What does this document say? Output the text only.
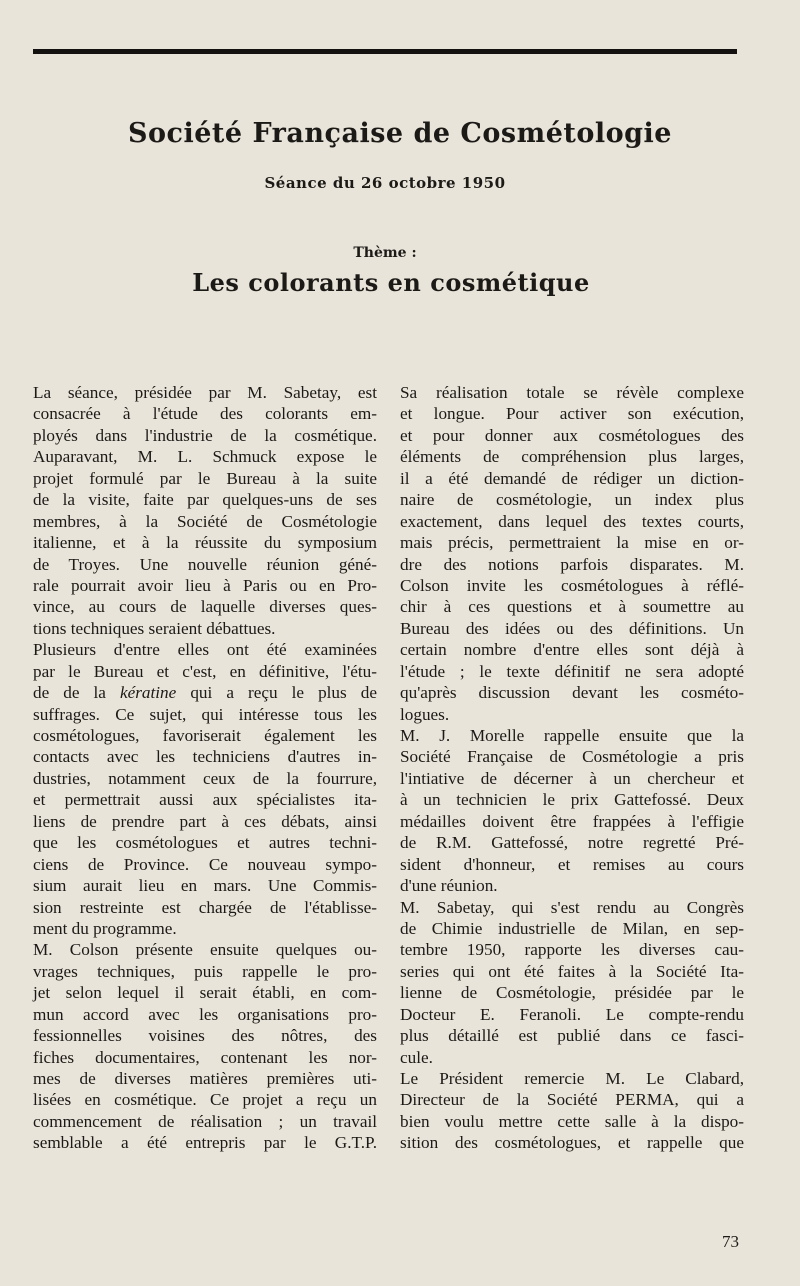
Société Française de Cosmétologie
Séance du 26 octobre 1950
Thème :
Les colorants en cosmétique
La séance, présidée par M. Sabetay, est
consacrée à l'étude des colorants em-
ployés dans l'industrie de la cosmétique.
Auparavant, M. L. Schmuck expose le
projet formulé par le Bureau à la suite
de la visite, faite par quelques-uns de ses
membres, à la Société de Cosmétologie
italienne, et à la réussite du symposium
de Troyes. Une nouvelle réunion géné-
rale pourrait avoir lieu à Paris ou en Pro-
vince, au cours de laquelle diverses ques-
tions techniques seraient débattues.
Plusieurs d'entre elles ont été examinées
par le Bureau et c'est, en définitive, l'étu-
de de la kératine qui a reçu le plus de
suffrages. Ce sujet, qui intéresse tous les
cosmétologues, favoriserait également les
contacts avec les techniciens d'autres in-
dustries, notamment ceux de la fourrure,
et permettrait aussi aux spécialistes ita-
liens de prendre part à ces débats, ainsi
que les cosmétologues et autres techni-
ciens de Province. Ce nouveau sympo-
sium aurait lieu en mars. Une Commis-
sion restreinte est chargée de l'établisse-
ment du programme.
M. Colson présente ensuite quelques ou-
vrages techniques, puis rappelle le pro-
jet selon lequel il serait établi, en com-
mun accord avec les organisations pro-
fessionnelles voisines des nôtres, des
fiches documentaires, contenant les nor-
mes de diverses matières premières uti-
lisées en cosmétique. Ce projet a reçu un
commencement de réalisation ; un travail
semblable a été entrepris par le G.T.P.
Sa réalisation totale se révèle complexe
et longue. Pour activer son exécution,
et pour donner aux cosmétologues des
éléments de compréhension plus larges,
il a été demandé de rédiger un diction-
naire de cosmétologie, un index plus
exactement, dans lequel des textes courts,
mais précis, permettraient la mise en or-
dre des notions parfois disparates. M.
Colson invite les cosmétologues à réflé-
chir à ces questions et à soumettre au
Bureau des idées ou des définitions. Un
certain nombre d'entre elles sont déjà à
l'étude ; le texte définitif ne sera adopté
qu'après discussion devant les cosméto-
logues.
M. J. Morelle rappelle ensuite que la
Société Française de Cosmétologie a pris
l'intiative de décerner à un chercheur et
à un technicien le prix Gattefossé. Deux
médailles doivent être frappées à l'effigie
de R.M. Gattefossé, notre regretté Pré-
sident d'honneur, et remises au cours
d'une réunion.
M. Sabetay, qui s'est rendu au Congrès
de Chimie industrielle de Milan, en sep-
tembre 1950, rapporte les diverses cau-
series qui ont été faites à la Société Ita-
lienne de Cosmétologie, présidée par le
Docteur E. Feranoli. Le compte-rendu
plus détaillé est publié dans ce fasci-
cule.
Le Président remercie M. Le Clabard,
Directeur de la Société PERMA, qui a
bien voulu mettre cette salle à la dispo-
sition des cosmétologues, et rappelle que
73
